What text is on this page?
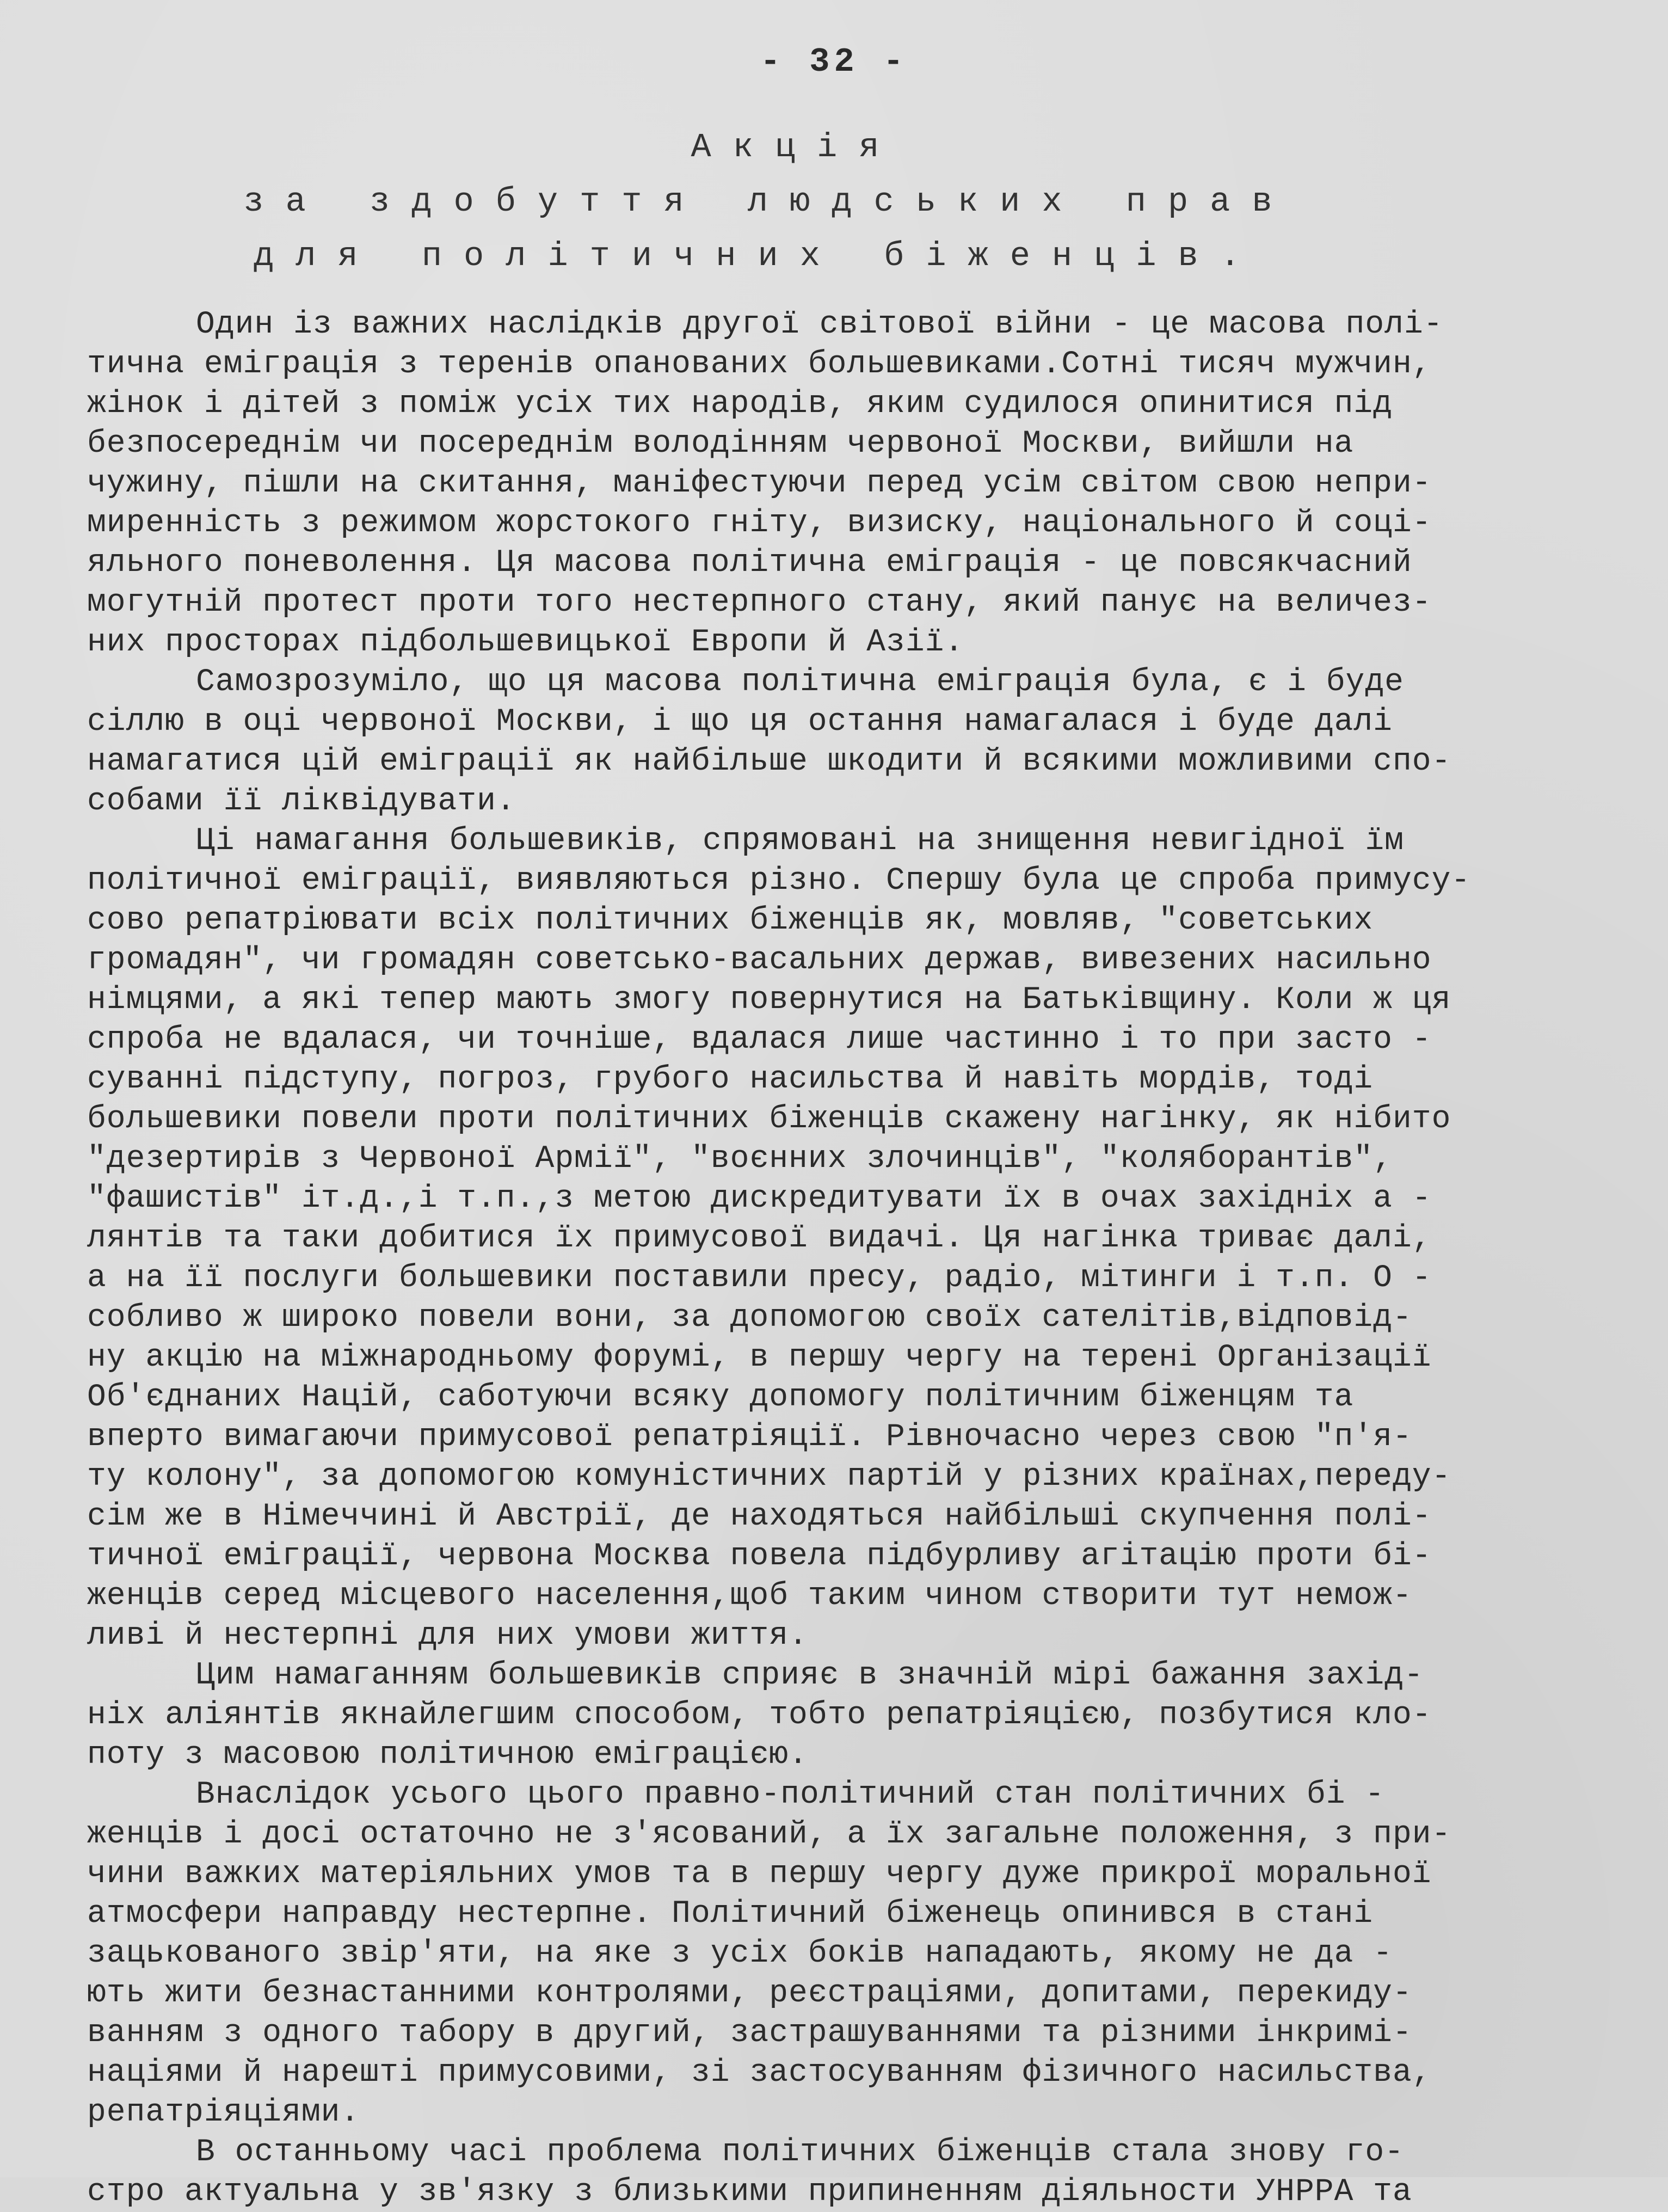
- 32 -
Акція
за здобуття людських прав
для політичних біженців.
Один із важних наслідків другої світової війни - це масова полі-
тична еміграція з теренів опанованих большевиками.Сотні тисяч мужчин,
жінок і дітей з поміж усіх тих народів, яким судилося опинитися під
безпосереднім чи посереднім володінням червоної Москви, вийшли на
чужину, пішли на скитання, маніфестуючи перед усім світом свою непри-
миренність з режимом жорстокого гніту, визиску, національного й соці-
яльного поневолення. Ця масова політична еміграція - це повсякчасний
могутній протест проти того нестерпного стану, який панує на величез-
них просторах підбольшевицької Европи й Азії.
Самозрозуміло, що ця масова політична еміграція була, є і буде
сіллю в оці червоної Москви, і що ця остання намагалася і буде далі
намагатися цій еміграції як найбільше шкодити й всякими можливими спо-
собами її ліквідувати.
Ці намагання большевиків, спрямовані на знищення невигідної їм
політичної еміграції, виявляються різно. Спершу була це спроба примусу-
сово репатріювати всіх політичних біженців як, мовляв, "советських
громадян", чи громадян советсько-васальних держав, вивезених насильно
німцями, а які тепер мають змогу повернутися на Батьківщину. Коли ж ця
спроба не вдалася, чи точніше, вдалася лише частинно і то при засто -
суванні підступу, погроз, грубого насильства й навіть мордів, тоді
большевики повели проти політичних біженців скажену нагінку, як нібито
"дезертирів з Червоної Армії", "воєнних злочинців", "коляборантів",
"фашистів" іт.д.,і т.п.,з метою дискредитувати їх в очах західніх а -
лянтів та таки добитися їх примусової видачі. Ця нагінка триває далі,
а на її послуги большевики поставили пресу, радіо, мітинги і т.п. О -
собливо ж широко повели вони, за допомогою своїх сателітів,відповід-
ну акцію на міжнародньому форумі, в першу чергу на терені Організації
Об'єднаних Націй, саботуючи всяку допомогу політичним біженцям та
вперто вимагаючи примусової репатріяції. Рівночасно через свою "п'я-
ту колону", за допомогою комуністичних партій у різних країнах,переду-
сім же в Німеччині й Австрії, де находяться найбільші скупчення полі-
тичної еміграції, червона Москва повела підбурливу агітацію проти бі-
женців серед місцевого населення,щоб таким чином створити тут немож-
ливі й нестерпні для них умови життя.
Цим намаганням большевиків сприяє в значній мірі бажання захід-
ніх аліянтів якнайлегшим способом, тобто репатріяцією, позбутися кло-
поту з масовою політичною еміграцією.
Внаслідок усього цього правно-політичний стан політичних бі -
женців і досі остаточно не з'ясований, а їх загальне положення, з при-
чини важких матеріяльних умов та в першу чергу дуже прикрої моральної
атмосфери направду нестерпне. Політичний біженець опинився в стані
зацькованого звір'яти, на яке з усіх боків нападають, якому не да -
ють жити безнастанними контролями, реєстраціями, допитами, перекиду-
ванням з одного табору в другий, застрашуваннями та різними інкримі-
націями й нарешті примусовими, зі застосуванням фізичного насильства,
репатріяціями.
В останньому часі проблема політичних біженців стала знову го-
стро актуальна у зв'язку з близькими припиненням діяльности УНРРА та
